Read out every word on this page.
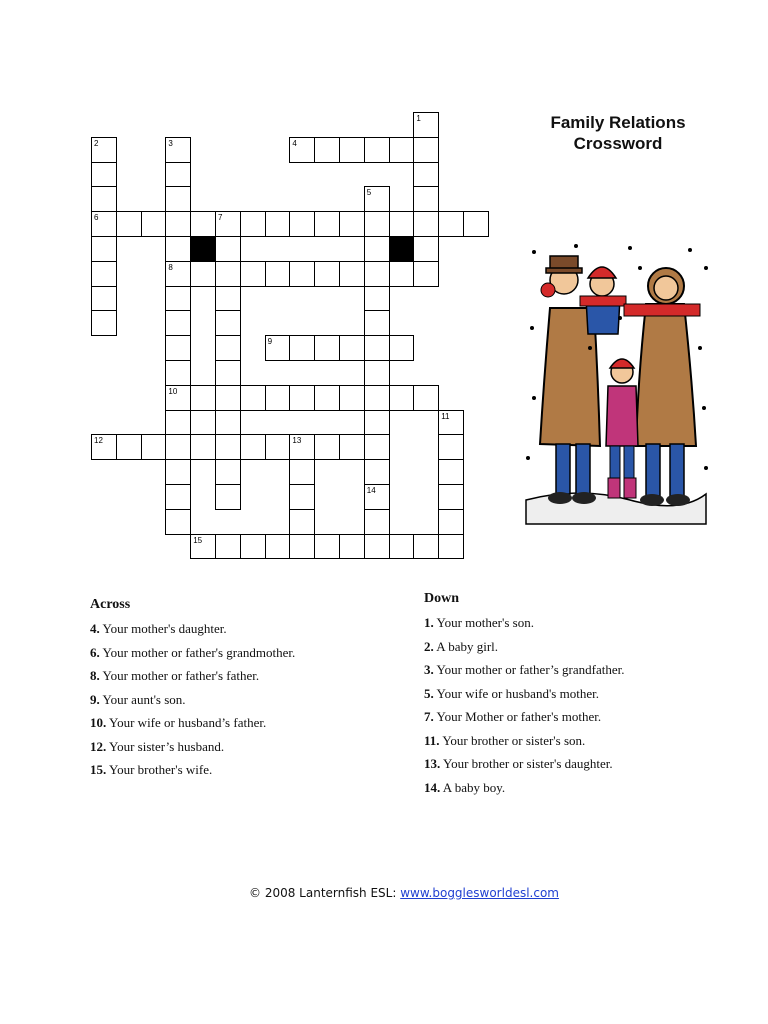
1
2	3	4
5
6	7
8
9
10
11
12	13
14
15
Family Relations
Crossword
Across
4. Your mother's daughter.
6. Your mother or father's grandmother.
8. Your mother or father's father.
9. Your aunt's son.
10. Your wife or husband’s father.
12. Your sister’s husband.
15. Your brother's wife.
Down
1. Your mother's son.
2. A baby girl.
3. Your mother or father’s grandfather.
5. Your wife or husband's mother.
7. Your Mother or father's mother.
11. Your brother or sister's son.
13. Your brother or sister's daughter.
14. A baby boy.
© 2008 Lanternfish ESL: www.bogglesworldesl.com
